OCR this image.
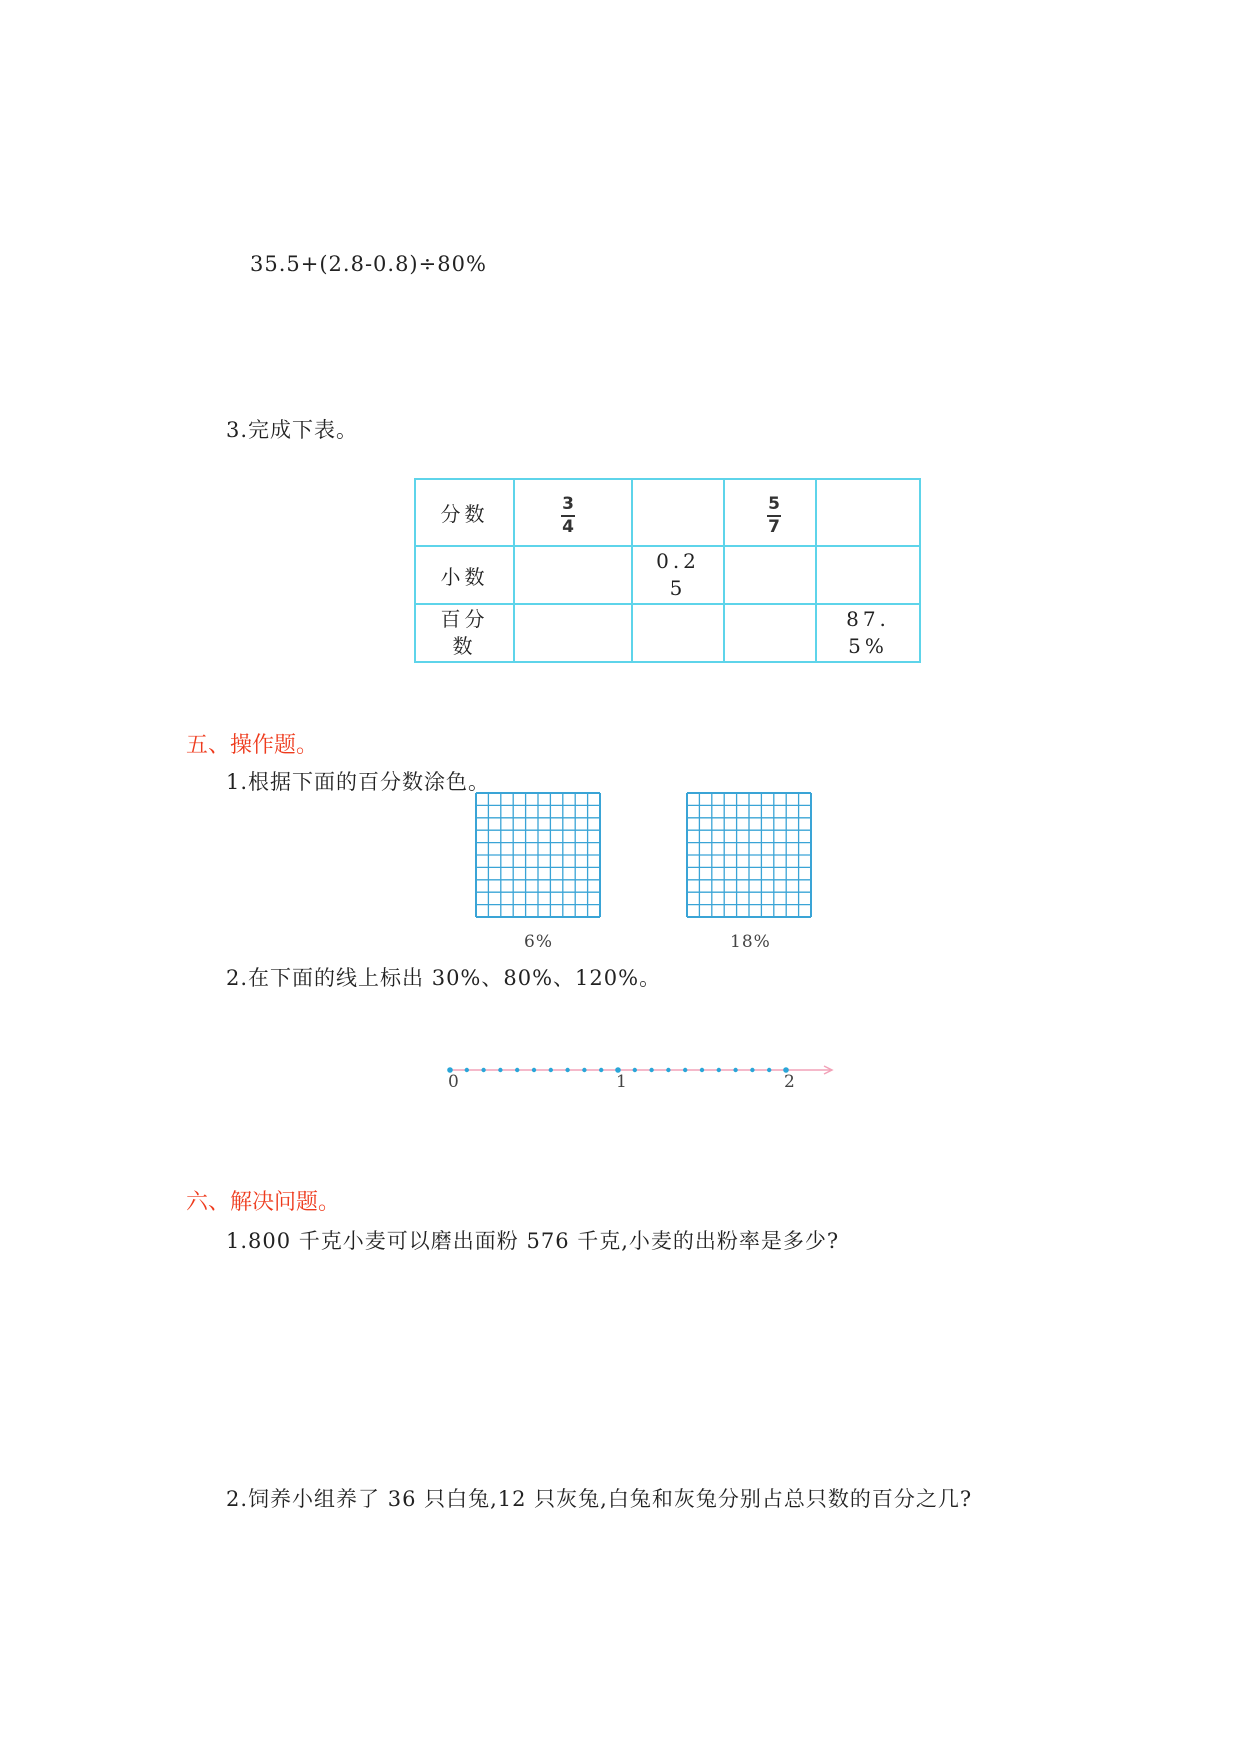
35.5+(2.8-0.8)÷80%
3.完成下表。
分数	$\frac{3}{4}$		$\frac{5}{7}$

小数		0.25		

百分数				87.5%
五、操作题。
1.根据下面的百分数涂色。
6%	18%
2.在下面的线上标出 30%、80%、120%。
0	1	2
六、解决问题。
1.800 千克小麦可以磨出面粉 576 千克,小麦的出粉率是多少?
2.饲养小组养了 36 只白兔,12 只灰兔,白兔和灰兔分别占总只数的百分之几?
